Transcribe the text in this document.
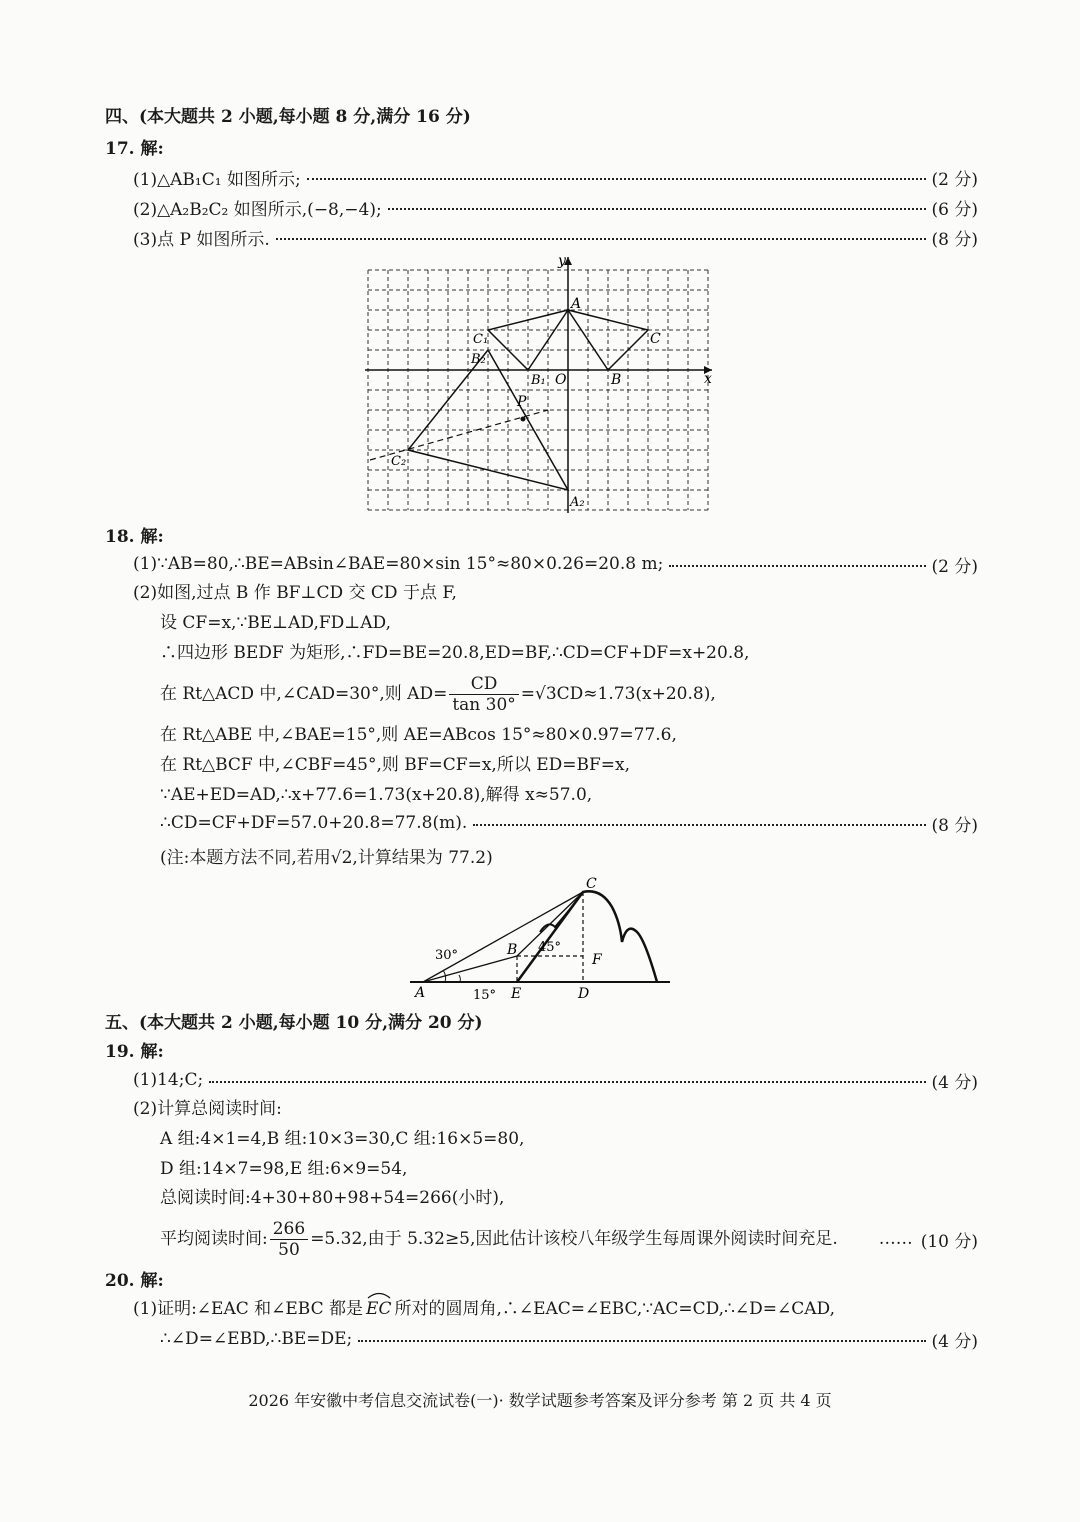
四、(本大题共 2 小题,每小题 8 分,满分 16 分)
17. 解:
(1)△AB₁C₁ 如图所示;	(2 分)
(2)△A₂B₂C₂ 如图所示,(−8,−4);	(6 分)
(3)点 P 如图所示.	(8 分)
x
y
A
C
C₁
B₂
B₁ O	B
P
C₂
A₂
18. 解:
(1)∵AB=80,∴BE=ABsin∠BAE=80×sin 15°≈80×0.26=20.8 m;	(2 分)
(2)如图,过点 B 作 BF⊥CD 交 CD 于点 F,
设 CF=x,∵BE⊥AD,FD⊥AD,
∴四边形 BEDF 为矩形,∴FD=BE=20.8,ED=BF,∴CD=CF+DF=x+20.8,
在 Rt△ACD 中,∠CAD=30°,则 $AD= \frac{CD}{\tan 30^\circ} =√3CD\approx 1.73(x+20.8)$,
在 Rt△ABE 中,∠BAE=15°,则 AE=ABcos 15°≈80×0.97=77.6,
在 Rt△BCF 中,∠CBF=45°,则 BF=CF=x,所以 ED=BF=x,
∵AE+ED=AD,∴x+77.6=1.73(x+20.8),解得 x≈57.0,
∴CD=CF+DF=57.0+20.8=77.8(m).	(8 分)
(注:本题方法不同,若用√2,计算结果为 77.2)
30°
45°
15°
C
B
F
A	E	D
五、(本大题共 2 小题,每小题 10 分,满分 20 分)
19. 解:
(1)14;C;	(4 分)
(2)计算总阅读时间:
A 组:4×1=4,B 组:10×3=30,C 组:16×5=80,
D 组:14×7=98,E 组:6×9=54,
总阅读时间:4+30+80+98+54=266(小时),
平均阅读时间: $\frac{266}{50} =5.32$,由于 5.32≥5,因此估计该校八年级学生每周课外阅读时间充足. …… (10 分)
20. 解:
(1)证明:∠EAC 和∠EBC 都是 EC 所对的圆周角,∴∠EAC=∠EBC,∵AC=CD,∴∠D=∠CAD,
∴∠D=∠EBD,∴BE=DE;	(4 分)
2026 年安徽中考信息交流试卷(一)· 数学试题参考答案及评分参考 第 2 页 共 4 页
